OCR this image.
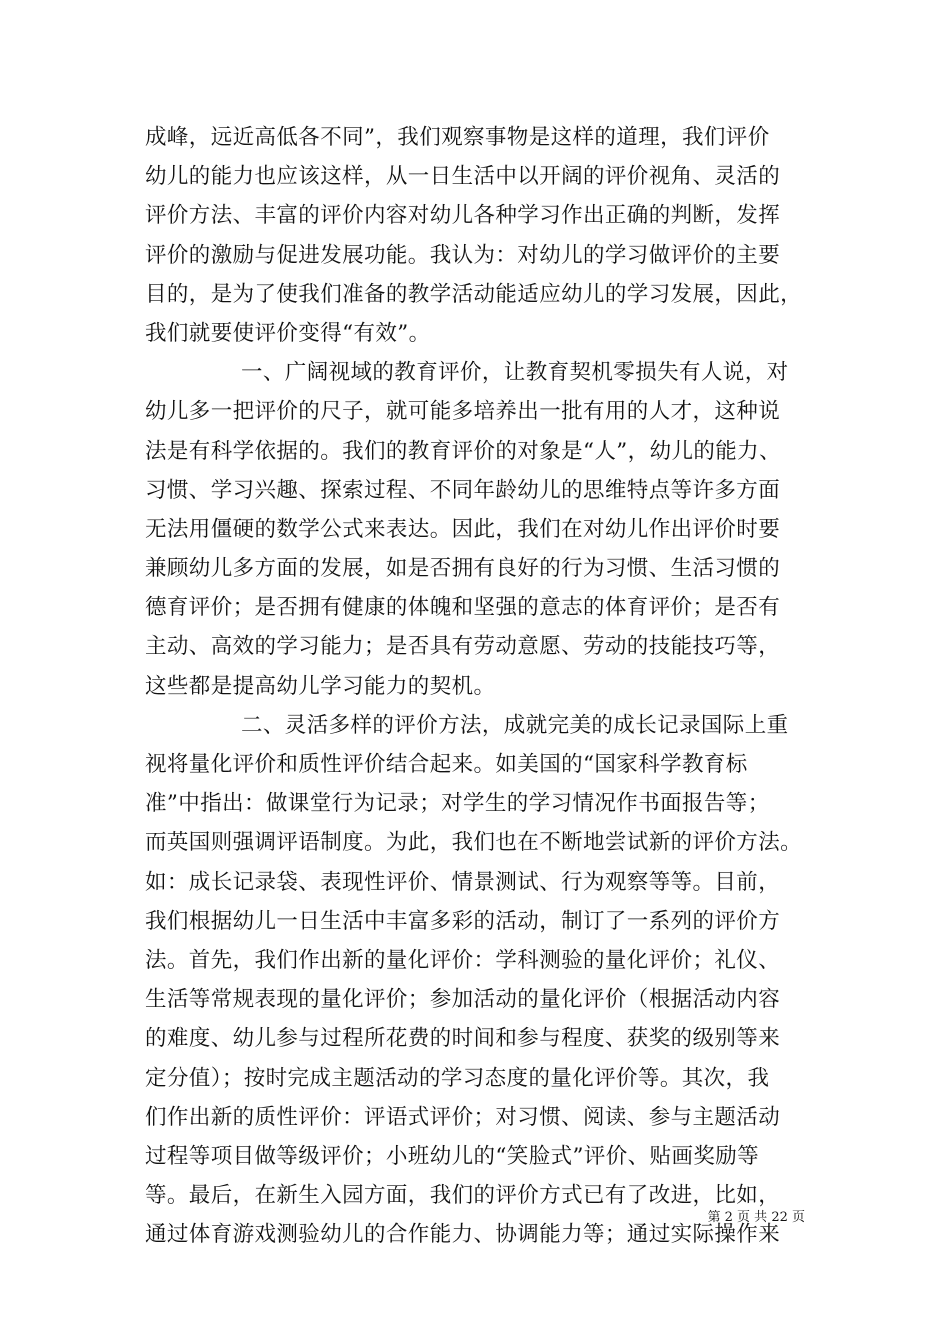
成峰，远近高低各不同”，我们观察事物是这样的道理，我们评价
幼儿的能力也应该这样，从一日生活中以开阔的评价视角、灵活的
评价方法、丰富的评价内容对幼儿各种学习作出正确的判断，发挥
评价的激励与促进发展功能。我认为：对幼儿的学习做评价的主要
目的，是为了使我们准备的教学活动能适应幼儿的学习发展，因此，
我们就要使评价变得“有效”。
一、广阔视域的教育评价，让教育契机零损失有人说，对
幼儿多一把评价的尺子，就可能多培养出一批有用的人才，这种说
法是有科学依据的。我们的教育评价的对象是“人”，幼儿的能力、
习惯、学习兴趣、探索过程、不同年龄幼儿的思维特点等许多方面
无法用僵硬的数学公式来表达。因此，我们在对幼儿作出评价时要
兼顾幼儿多方面的发展，如是否拥有良好的行为习惯、生活习惯的
德育评价；是否拥有健康的体魄和坚强的意志的体育评价；是否有
主动、高效的学习能力；是否具有劳动意愿、劳动的技能技巧等，
这些都是提高幼儿学习能力的契机。
二、灵活多样的评价方法，成就完美的成长记录国际上重
视将量化评价和质性评价结合起来。如美国的“国家科学教育标
准”中指出：做课堂行为记录；对学生的学习情况作书面报告等；
而英国则强调评语制度。为此，我们也在不断地尝试新的评价方法。
如：成长记录袋、表现性评价、情景测试、行为观察等等。目前，
我们根据幼儿一日生活中丰富多彩的活动，制订了一系列的评价方
法。首先，我们作出新的量化评价：学科测验的量化评价；礼仪、
生活等常规表现的量化评价；参加活动的量化评价（根据活动内容
的难度、幼儿参与过程所花费的时间和参与程度、获奖的级别等来
定分值）；按时完成主题活动的学习态度的量化评价等。其次，我
们作出新的质性评价：评语式评价；对习惯、阅读、参与主题活动
过程等项目做等级评价；小班幼儿的“笑脸式”评价、贴画奖励等
等。最后，在新生入园方面，我们的评价方式已有了改进，比如，
通过体育游戏测验幼儿的合作能力、协调能力等；通过实际操作来
第 2 页 共 22 页
